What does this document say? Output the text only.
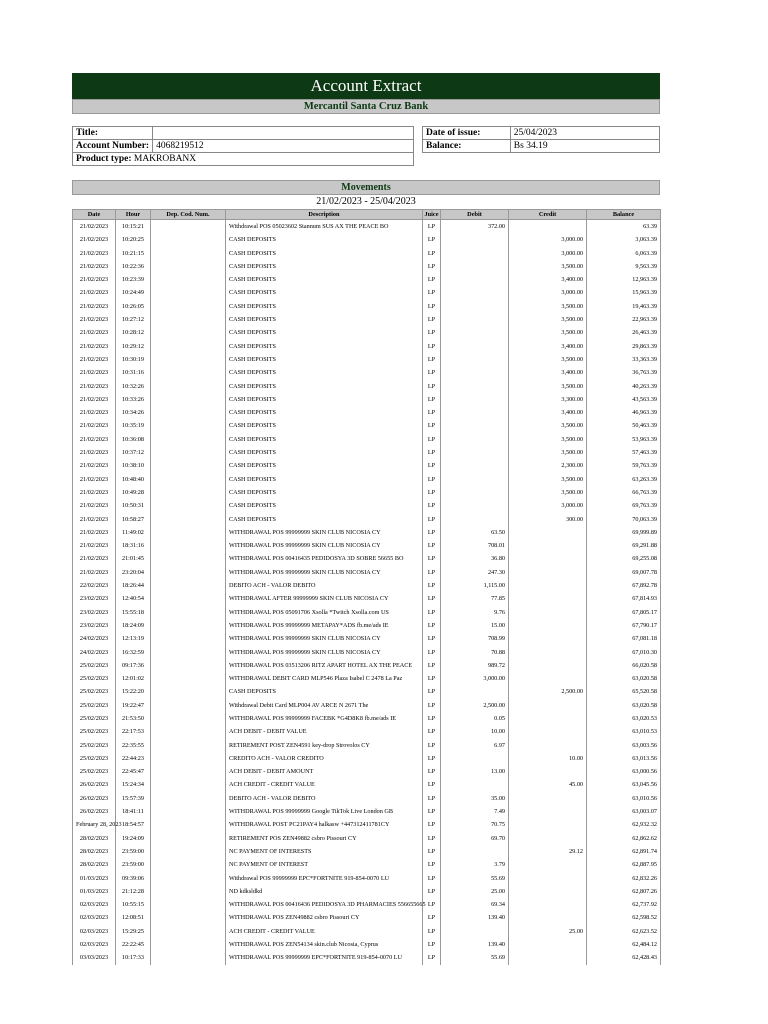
Account Extract
Mercantil Santa Cruz Bank
Title:	
Account Number:	4068219512
Product type: MAKROBANX	
Date of issue:	25/04/2023
Balance:	Bs 34.19
Movements
21/02/2023 - 25/04/2023
Date	Hour	Dep. Cod. Num.	Description	Juice	Debit	Credit	Balance
21/02/2023	10:15:21		Withdrawal POS 05023602 Stannum SUS AX THE PEACE BO	LP	372.00		63.39
21/02/2023	10:20:25		CASH DEPOSITS	LP		3,000.00	3,063.39
21/02/2023	10:21:15		CASH DEPOSITS	LP		3,000.00	6,063.39
21/02/2023	10:22:36		CASH DEPOSITS	LP		3,500.00	9,563.39
21/02/2023	10:23:39		CASH DEPOSITS	LP		3,400.00	12,963.39
21/02/2023	10:24:49		CASH DEPOSITS	LP		3,000.00	15,963.39
21/02/2023	10:26:05		CASH DEPOSITS	LP		3,500.00	19,463.39
21/02/2023	10:27:12		CASH DEPOSITS	LP		3,500.00	22,963.39
21/02/2023	10:28:12		CASH DEPOSITS	LP		3,500.00	26,463.39
21/02/2023	10:29:12		CASH DEPOSITS	LP		3,400.00	29,863.39
21/02/2023	10:30:19		CASH DEPOSITS	LP		3,500.00	33,363.39
21/02/2023	10:31:16		CASH DEPOSITS	LP		3,400.00	36,763.39
21/02/2023	10:32:26		CASH DEPOSITS	LP		3,500.00	40,263.39
21/02/2023	10:33:26		CASH DEPOSITS	LP		3,300.00	43,563.39
21/02/2023	10:34:26		CASH DEPOSITS	LP		3,400.00	46,963.39
21/02/2023	10:35:19		CASH DEPOSITS	LP		3,500.00	50,463.39
21/02/2023	10:36:08		CASH DEPOSITS	LP		3,500.00	53,963.39
21/02/2023	10:37:12		CASH DEPOSITS	LP		3,500.00	57,463.39
21/02/2023	10:38:10		CASH DEPOSITS	LP		2,300.00	59,763.39
21/02/2023	10:48:40		CASH DEPOSITS	LP		3,500.00	63,263.39
21/02/2023	10:49:28		CASH DEPOSITS	LP		3,500.00	66,763.39
21/02/2023	10:50:31		CASH DEPOSITS	LP		3,000.00	69,763.39
21/02/2023	10:58:27		CASH DEPOSITS	LP		300.00	70,063.39
21/02/2023	11:49:02		WITHDRAWAL POS 99999999 SKIN CLUB NICOSIA CY	LP	63.50		69,999.89
21/02/2023	18:31:16		WITHDRAWAL POS 99999999 SKIN CLUB NICOSIA CY	LP	708.01		69,291.88
21/02/2023	21:01:45		WITHDRAWAL POS 00416435 PEDIDOSYA 3D SOBRE 56655 BO	LP	36.80		69,255.08
21/02/2023	23:20:04		WITHDRAWAL POS 99999999 SKIN CLUB NICOSIA CY	LP	247.30		69,007.78
22/02/2023	18:26:44		DEBITO ACH - VALOR DEBITO	LP	1,115.00		67,892.78
23/02/2023	12:40:54		WITHDRAWAL AFTER 99999999 SKIN CLUB NICOSIA CY	LP	77.85		67,814.93
23/02/2023	15:55:18		WITHDRAWAL POS 05091706 Xsolla *Twitch Xsolla.com US	LP	9.76		67,805.17
23/02/2023	18:24:09		WITHDRAWAL POS 99999999 METAPAY*ADS fb.me/ads IE	LP	15.00		67,790.17
24/02/2023	12:13:19		WITHDRAWAL POS 99999999 SKIN CLUB NICOSIA CY	LP	708.99		67,081.18
24/02/2023	16:32:59		WITHDRAWAL POS 99999999 SKIN CLUB NICOSIA CY	LP	70.88		67,010.30
25/02/2023	09:17:36		WITHDRAWAL POS 03513206 RITZ APART HOTEL AX THE PEACE	LP	989.72		66,020.58
25/02/2023	12:01:02		WITHDRAWAL DEBIT CARD MLP546 Plaza Isabel C 2478 La Paz	LP	3,000.00		63,020.58
25/02/2023	15:22:20		CASH DEPOSITS	LP		2,500.00	65,520.58
25/02/2023	19:22:47		Withdrawal Debit Card MLP004 AV ARCE N 2671 The	LP	2,500.00		63,020.58
25/02/2023	21:53:50		WITHDRAWAL POS 99999999 FACEBK *G4D8K8 fb.me/ads IE	LP	0.05		63,020.53
25/02/2023	22:17:53		ACH DEBIT - DEBIT VALUE	LP	10.00		63,010.53
25/02/2023	22:35:55		RETIREMENT POST ZEN4591 key-drop Strovolos CY	LP	6.97		63,003.56
25/02/2023	22:44:23		CREDITO ACH - VALOR CREDITO	LP		10.00	63,013.56
25/02/2023	22:45:47		ACH DEBIT - DEBIT AMOUNT	LP	13.00		63,000.56
26/02/2023	15:24:34		ACH CREDIT - CREDIT VALUE	LP		45.00	63,045.56
26/02/2023	15:57:39		DEBITO ACH - VALOR DEBITO	LP	35.00		63,010.56
26/02/2023	18:41:11		WITHDRAWAL POS 99999999 Google TikTok Live London GB	LP	7.49		63,003.07
February 28, 2023	18:54:57		WITHDRAWAL POST PC21PAY4 halkasw +447312411781CY	LP	70.75		62,932.32
28/02/2023	19:24:09		RETIREMENT POS ZEN49882 csbro Pissouri CY	LP	69.70		62,862.62
28/02/2023	23:59:00		NC PAYMENT OF INTERESTS	LP		29.12	62,891.74
28/02/2023	23:59:00		NC PAYMENT OF INTEREST	LP	3.79		62,887.95
01/03/2023	09:39:06		Withdrawal POS 99999999 EPC*FORTNITE 919-854-0070 LU	LP	55.69		62,832.26
01/03/2023	21:12:28		ND kdksldkd	LP	25.00		62,807.26
02/03/2023	10:55:15		WITHDRAWAL POS 00416436 PEDIDOSYA 3D PHARMACIES 556655665	LP	69.34		62,737.92
02/03/2023	12:08:51		WITHDRAWAL POS ZEN49882 csbro Pissouri CY	LP	139.40		62,598.52
02/03/2023	15:29:25		ACH CREDIT - CREDIT VALUE	LP		25.00	62,623.52
02/03/2023	22:22:45		WITHDRAWAL POS ZEN54134 skin.club Nicosia, Cyprus	LP	139.40		62,484.12
03/03/2023	10:17:33		WITHDRAWAL POS 99999999 EPC*FORTNITE 919-854-0070 LU	LP	55.69		62,428.43
